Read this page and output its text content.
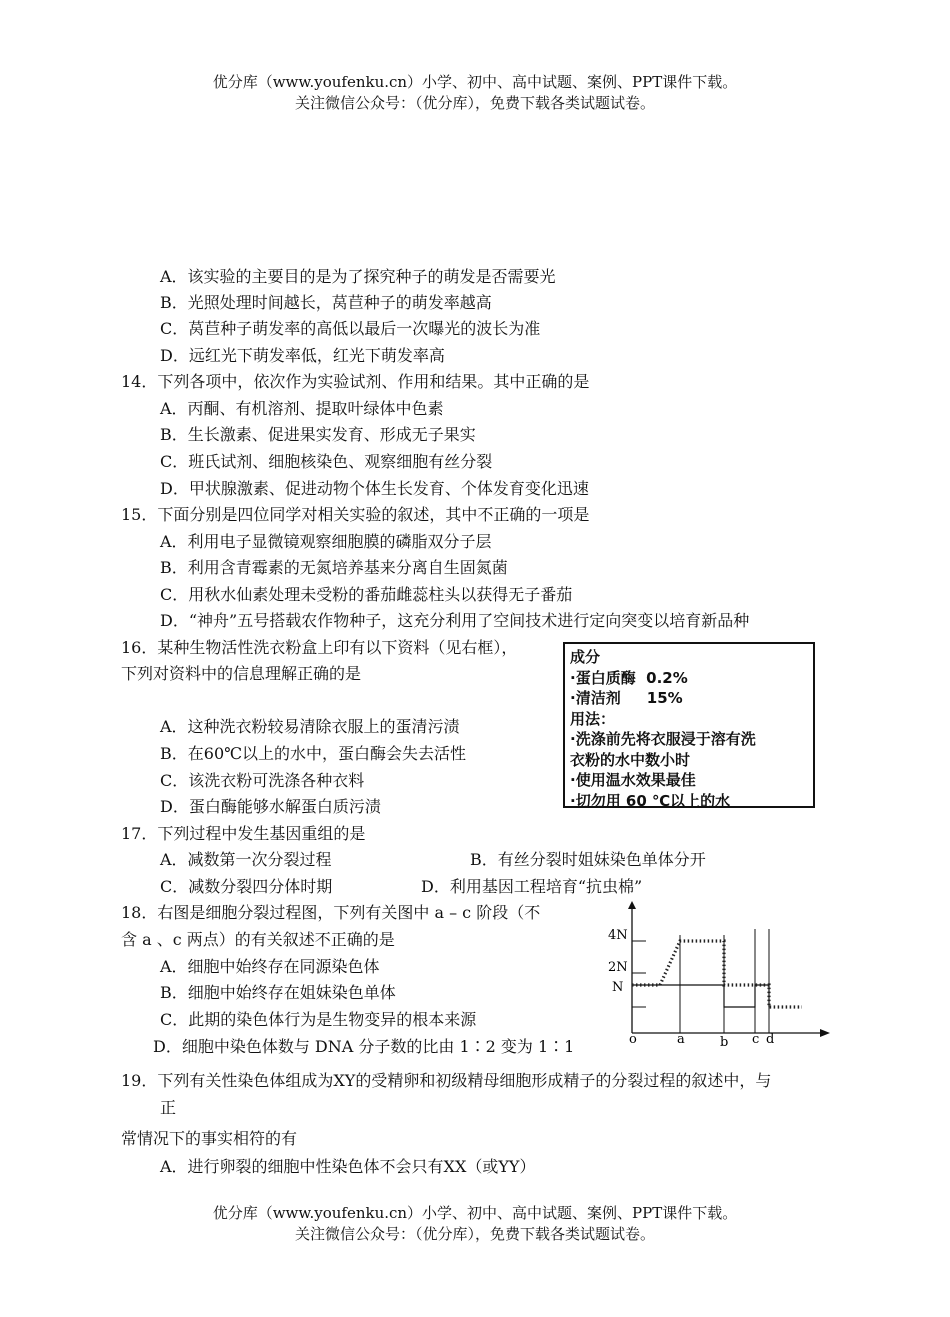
优分库（www.youfenku.cn）小学、初中、高中试题、案例、PPT课件下载。
关注微信公众号：（优分库），免费下载各类试题试卷。
A．该实验的主要目的是为了探究种子的萌发是否需要光
B．光照处理时间越长，莴苣种子的萌发率越高
C．莴苣种子萌发率的高低以最后一次曝光的波长为准
D．远红光下萌发率低，红光下萌发率高
14．下列各项中，依次作为实验试剂、作用和结果。其中正确的是
A．丙酮、有机溶剂、提取叶绿体中色素
B．生长激素、促进果实发育、形成无子果实
C．班氏试剂、细胞核染色、观察细胞有丝分裂
D．甲状腺激素、促进动物个体生长发育、个体发育变化迅速
15．下面分别是四位同学对相关实验的叙述，其中不正确的一项是
A．利用电子显微镜观察细胞膜的磷脂双分子层
B．利用含青霉素的无氮培养基来分离自生固氮菌
C．用秋水仙素处理未受粉的番茄雌蕊柱头以获得无子番茄
D．“神舟”五号搭载农作物种子，这充分利用了空间技术进行定向突变以培育新品种
16．某种生物活性洗衣粉盒上印有以下资料（见右框），
下列对资料中的信息理解正确的是
A．这种洗衣粉较易清除衣服上的蛋清污渍
B．在60℃以上的水中，蛋白酶会失去活性
C．该洗衣粉可洗涤各种衣料
D．蛋白酶能够水解蛋白质污渍
成分
·蛋白质酶  0.2%
·清洁剂     15%
用法：
·洗涤前先将衣服浸于溶有洗
衣粉的水中数小时
·使用温水效果最佳
·切勿用 60 ℃以上的水
17．下列过程中发生基因重组的是
A．减数第一次分裂过程	B．有丝分裂时姐妹染色单体分开
C．减数分裂四分体时期	D．利用基因工程培育“抗虫棉”
18．右图是细胞分裂过程图，下列有关图中 a – c 阶段（不
含 a 、c 两点）的有关叙述不正确的是
A．细胞中始终存在同源染色体
B．细胞中始终存在姐妹染色单体
C．此期的染色体行为是生物变异的根本来源
D．细胞中染色体数与 DNA 分子数的比由 1∶2 变为 1∶1
4N
2N
N
o	a	b c d
19．下列有关性染色体组成为XY的受精卵和初级精母细胞形成精子的分裂过程的叙述中，与
正
常情况下的事实相符的有
A．进行卵裂的细胞中性染色体不会只有XX（或YY）
优分库（www.youfenku.cn）小学、初中、高中试题、案例、PPT课件下载。
关注微信公众号：（优分库），免费下载各类试题试卷。
